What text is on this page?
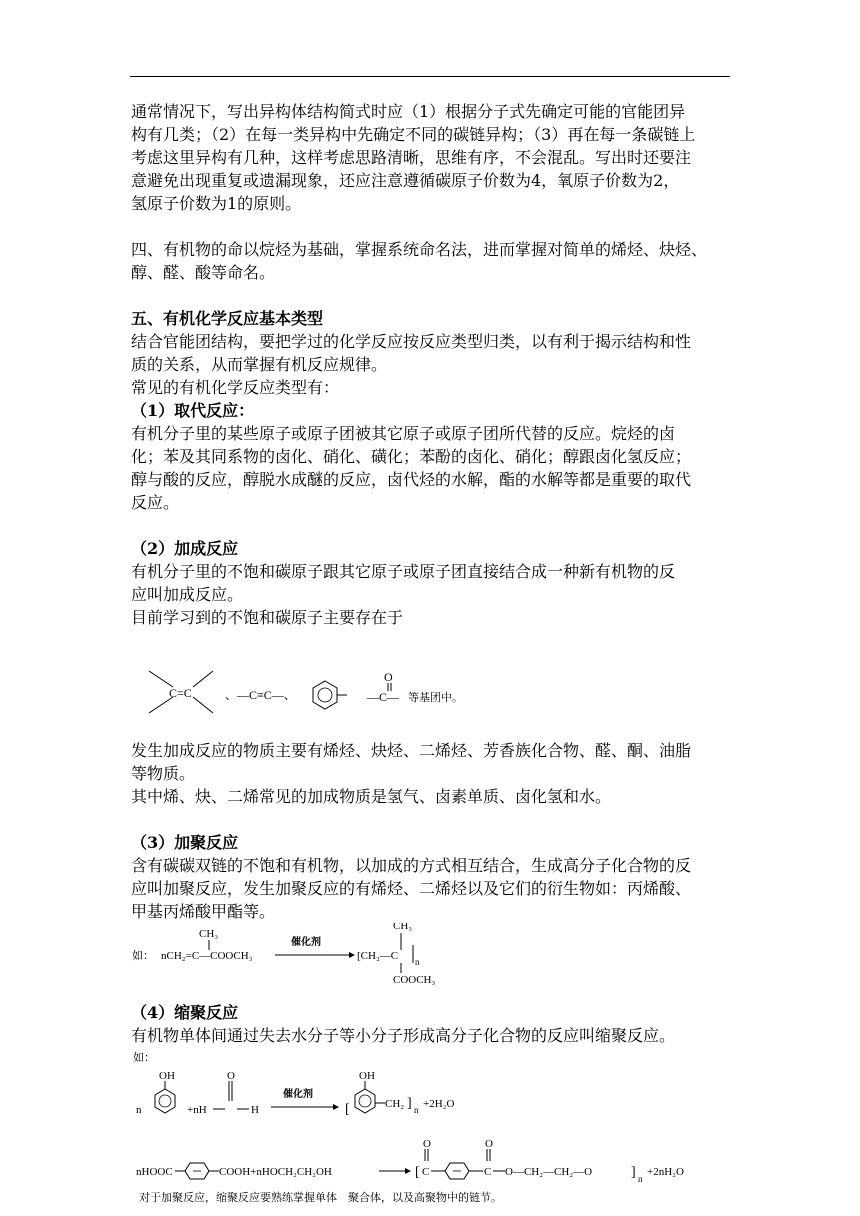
通常情况下，写出异构体结构简式时应（1）根据分子式先确定可能的官能团异

构有几类；（2）在每一类异构中先确定不同的碳链异构；（3）再在每一条碳链上

考虑这里异构有几种，这样考虑思路清晰，思维有序，不会混乱。写出时还要注

意避免出现重复或遗漏现象，还应注意遵循碳原子价数为4，氧原子价数为2，

氢原子价数为1的原则。

四、有机物的命以烷烃为基础，掌握系统命名法，进而掌握对简单的烯烃、炔烃、

醇、醛、酸等命名。

五、有机化学反应基本类型

结合官能团结构，要把学过的化学反应按反应类型归类，以有利于揭示结构和性

质的关系，从而掌握有机反应规律。

常见的有机化学反应类型有：

（1）取代反应：

有机分子里的某些原子或原子团被其它原子或原子团所代替的反应。烷烃的卤

化；苯及其同系物的卤化、硝化、磺化；苯酚的卤化、硝化；醇跟卤化氢反应；

醇与酸的反应，醇脱水成醚的反应，卤代烃的水解，酯的水解等都是重要的取代

反应。

（2）加成反应

有机分子里的不饱和碳原子跟其它原子或原子团直接结合成一种新有机物的反

应叫加成反应。

目前学习到的不饱和碳原子主要存在于

C=C	、 —C≡C—、
O
—C— 等基团中。

发生加成反应的物质主要有烯烃、炔烃、二烯烃、芳香族化合物、醛、酮、油脂

等物质。

其中烯、炔、二烯常见的加成物质是氢气、卤素单质、卤化氢和水。

（3）加聚反应

含有碳碳双链的不饱和有机物，以加成的方式相互结合，生成高分子化合物的反

应叫加聚反应，发生加聚反应的有烯烃、二烯烃以及它们的衍生物如：丙烯酸、

甲基丙烯酸甲酯等。

如：
CH₃
nCH₂=C—COOCH₃
催化剂
CH₃
[CH₂—C n
COOCH₃

（4）缩聚反应

有机物单体间通过失去水分子等小分子形成高分子化合物的反应叫缩聚反应。

如：
n
OH
+nH
O
H
催化剂
[
OH
CH₂ ] n +2H₂O
nHOOC	COOH+nHOCH₂CH₂OH	[
O
C
O
C O—CH₂—CH₂—O	] n
+2nH₂O

对于加聚反应，缩聚反应要熟练掌握单体　聚合体，以及高聚物中的链节。
